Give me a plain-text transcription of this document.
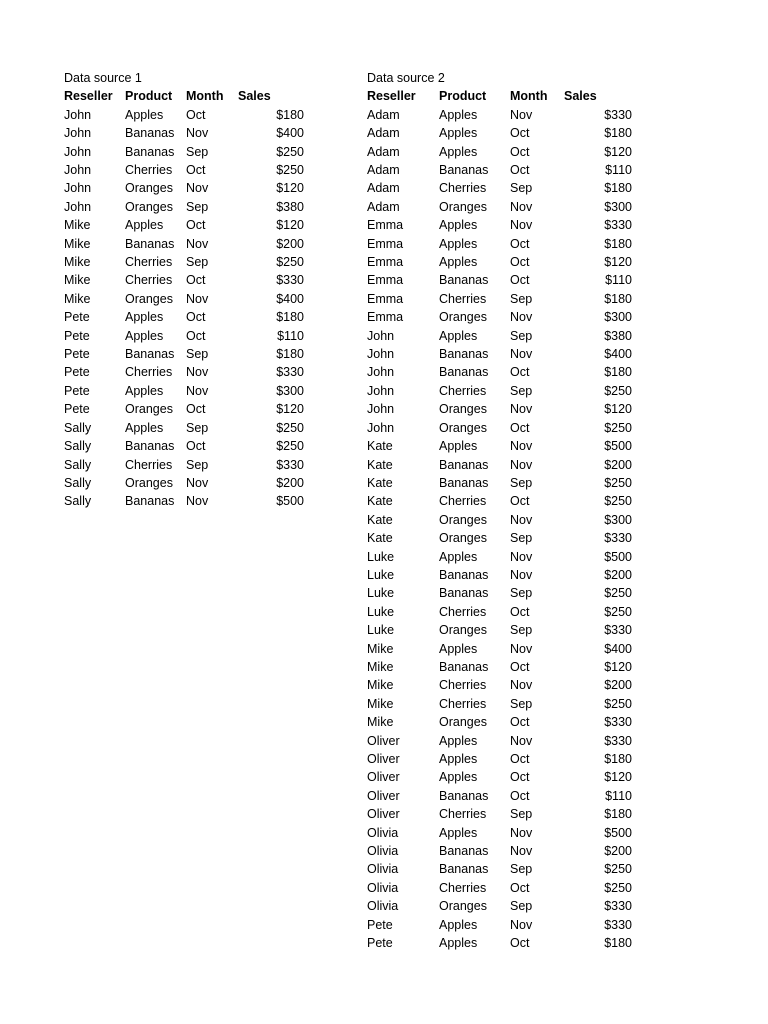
Data source 1
Reseller	Product	Month	Sales
John	Apples	Oct	$180
John	Bananas	Nov	$400
John	Bananas	Sep	$250
John	Cherries	Oct	$250
John	Oranges	Nov	$120
John	Oranges	Sep	$380
Mike	Apples	Oct	$120
Mike	Bananas	Nov	$200
Mike	Cherries	Sep	$250
Mike	Cherries	Oct	$330
Mike	Oranges	Nov	$400
Pete	Apples	Oct	$180
Pete	Apples	Oct	$110
Pete	Bananas	Sep	$180
Pete	Cherries	Nov	$330
Pete	Apples	Nov	$300
Pete	Oranges	Oct	$120
Sally	Apples	Sep	$250
Sally	Bananas	Oct	$250
Sally	Cherries	Sep	$330
Sally	Oranges	Nov	$200
Sally	Bananas	Nov	$500
Data source 2
Reseller	Product	Month	Sales
Adam	Apples	Nov	$330
Adam	Apples	Oct	$180
Adam	Apples	Oct	$120
Adam	Bananas	Oct	$110
Adam	Cherries	Sep	$180
Adam	Oranges	Nov	$300
Emma	Apples	Nov	$330
Emma	Apples	Oct	$180
Emma	Apples	Oct	$120
Emma	Bananas	Oct	$110
Emma	Cherries	Sep	$180
Emma	Oranges	Nov	$300
John	Apples	Sep	$380
John	Bananas	Nov	$400
John	Bananas	Oct	$180
John	Cherries	Sep	$250
John	Oranges	Nov	$120
John	Oranges	Oct	$250
Kate	Apples	Nov	$500
Kate	Bananas	Nov	$200
Kate	Bananas	Sep	$250
Kate	Cherries	Oct	$250
Kate	Oranges	Nov	$300
Kate	Oranges	Sep	$330
Luke	Apples	Nov	$500
Luke	Bananas	Nov	$200
Luke	Bananas	Sep	$250
Luke	Cherries	Oct	$250
Luke	Oranges	Sep	$330
Mike	Apples	Nov	$400
Mike	Bananas	Oct	$120
Mike	Cherries	Nov	$200
Mike	Cherries	Sep	$250
Mike	Oranges	Oct	$330
Oliver	Apples	Nov	$330
Oliver	Apples	Oct	$180
Oliver	Apples	Oct	$120
Oliver	Bananas	Oct	$110
Oliver	Cherries	Sep	$180
Olivia	Apples	Nov	$500
Olivia	Bananas	Nov	$200
Olivia	Bananas	Sep	$250
Olivia	Cherries	Oct	$250
Olivia	Oranges	Sep	$330
Pete	Apples	Nov	$330
Pete	Apples	Oct	$180
